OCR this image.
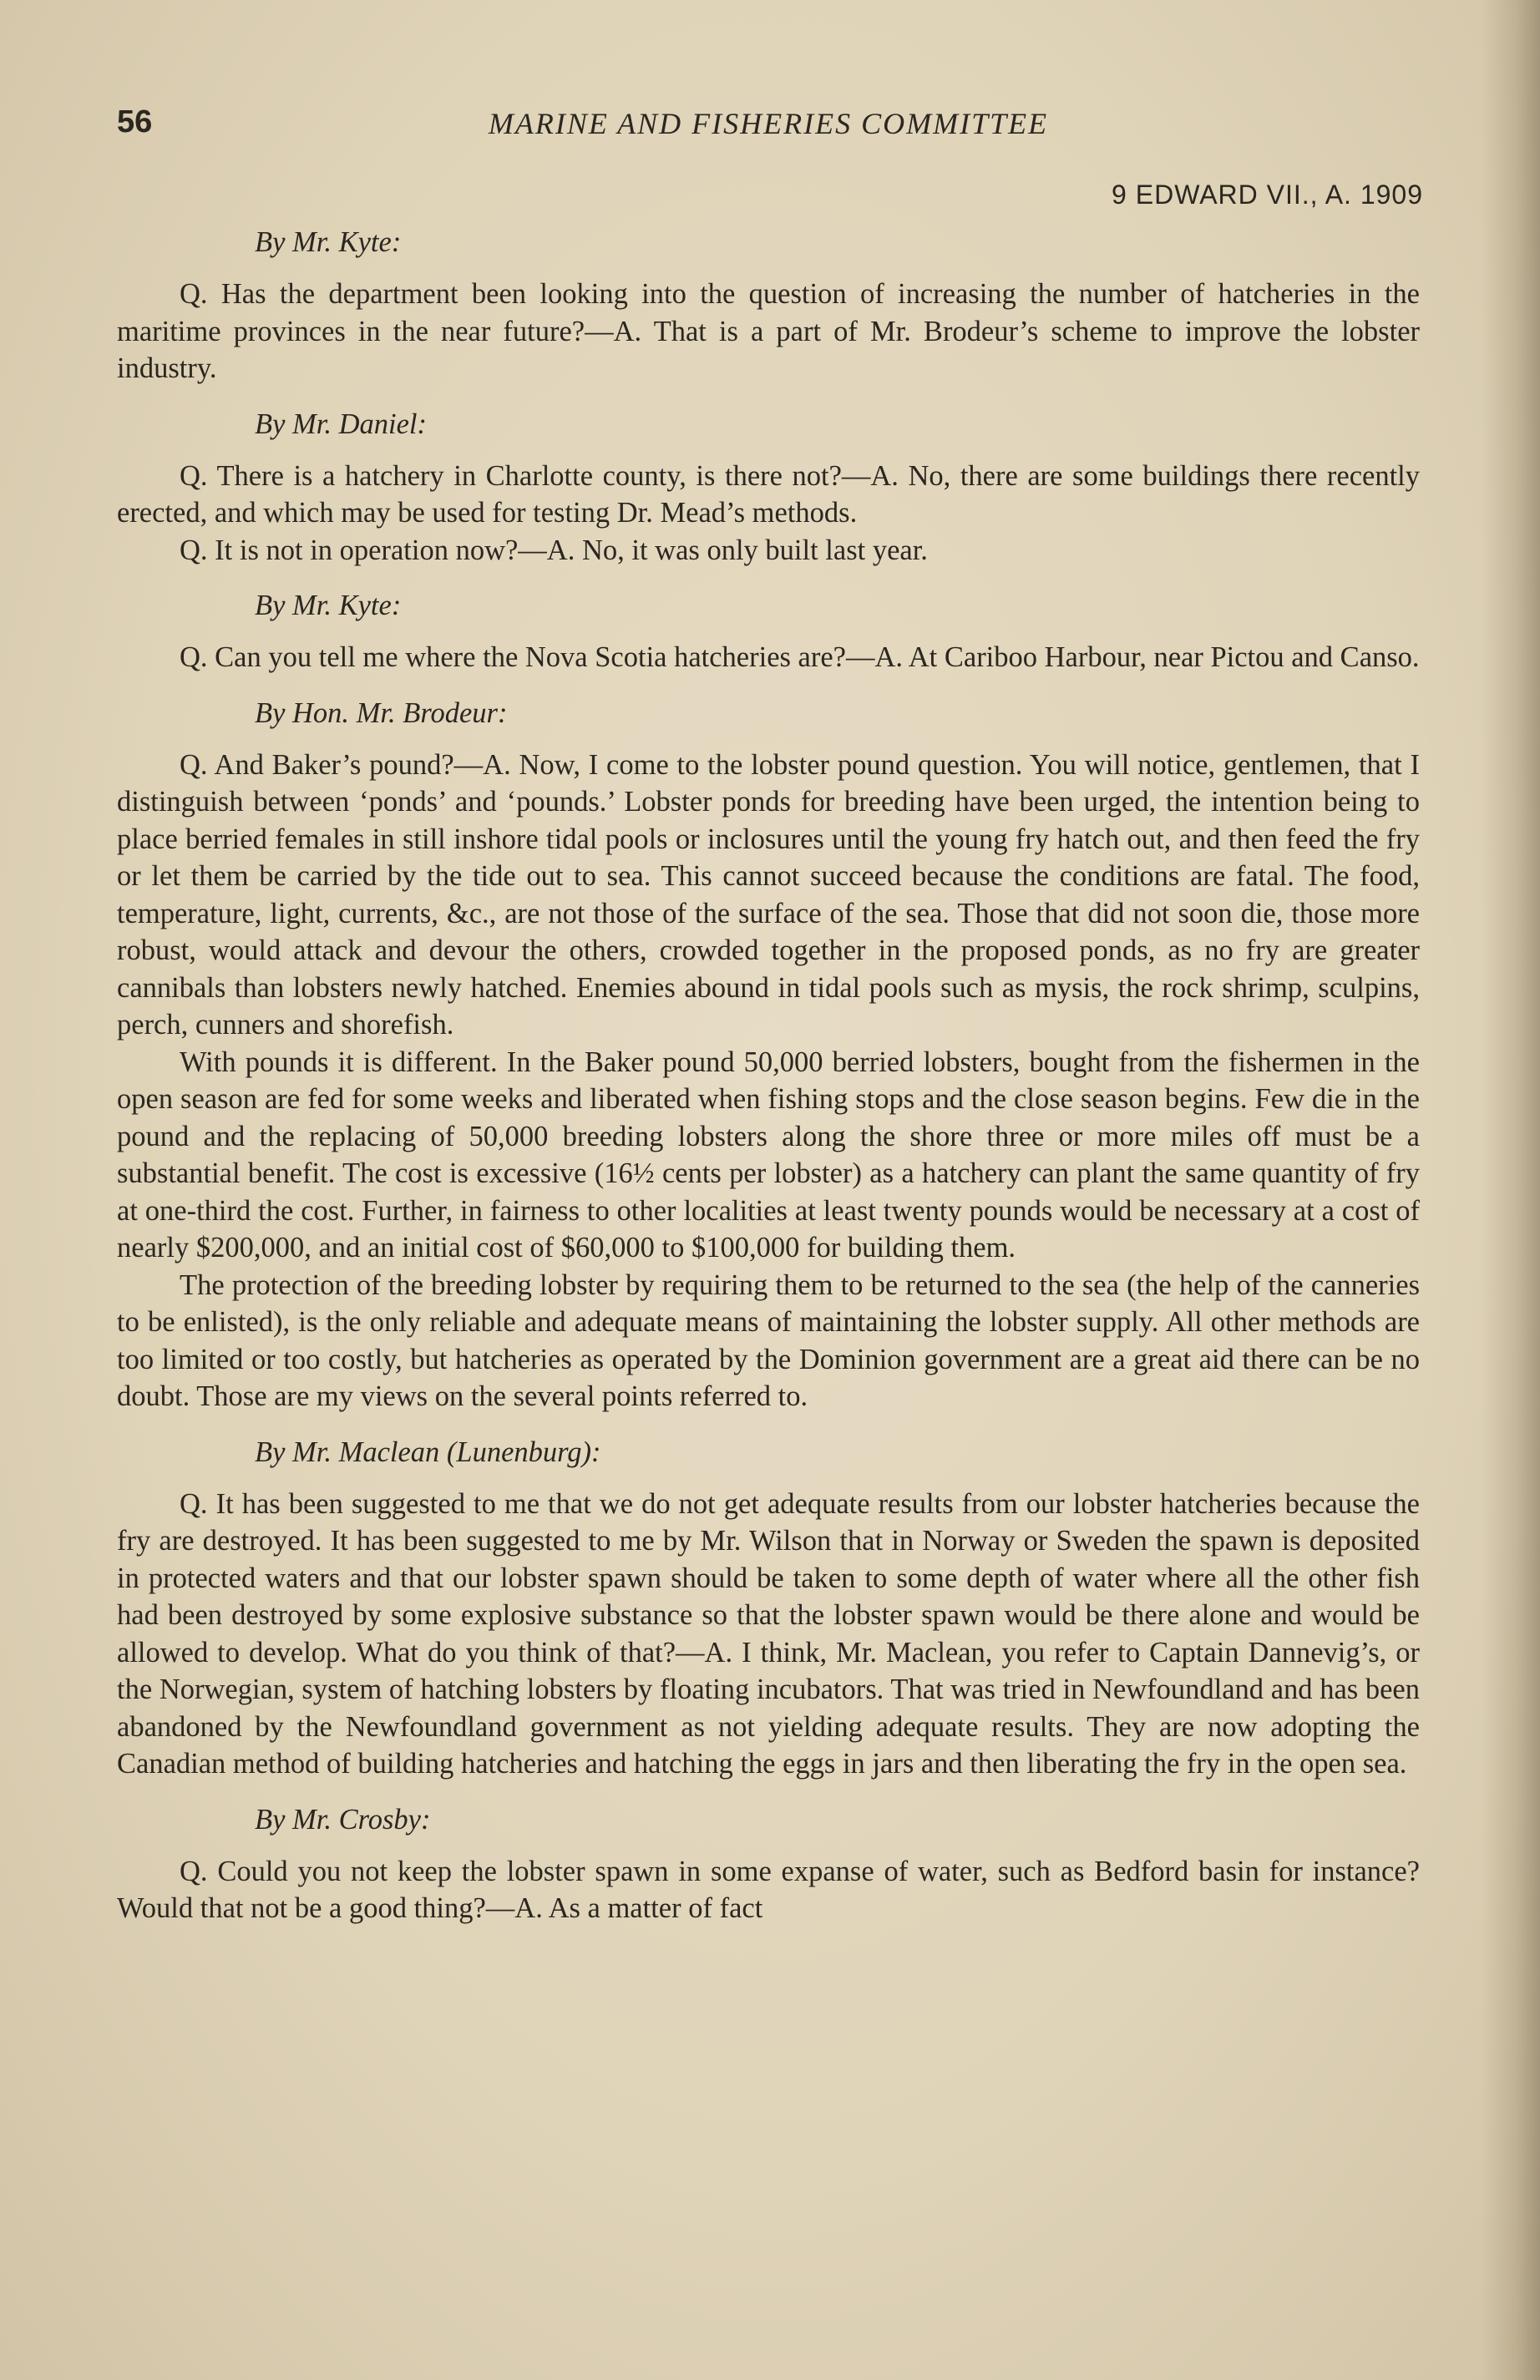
56	MARINE AND FISHERIES COMMITTEE
9 EDWARD VII., A. 1909
By Mr. Kyte:

Q. Has the department been looking into the question of increasing the number of hatcheries in the maritime provinces in the near future?—A. That is a part of Mr. Brodeur’s scheme to improve the lobster industry.

By Mr. Daniel:

Q. There is a hatchery in Charlotte county, is there not?—A. No, there are some buildings there recently erected, and which may be used for testing Dr. Mead’s methods.

Q. It is not in operation now?—A. No, it was only built last year.

By Mr. Kyte:

Q. Can you tell me where the Nova Scotia hatcheries are?—A. At Cariboo Harbour, near Pictou and Canso.

By Hon. Mr. Brodeur:

Q. And Baker’s pound?—A. Now, I come to the lobster pound question. You will notice, gentlemen, that I distinguish between ‘ponds’ and ‘pounds.’ Lobster ponds for breeding have been urged, the intention being to place berried females in still inshore tidal pools or inclosures until the young fry hatch out, and then feed the fry or let them be carried by the tide out to sea. This cannot succeed because the conditions are fatal. The food, temperature, light, currents, &c., are not those of the surface of the sea. Those that did not soon die, those more robust, would attack and devour the others, crowded together in the proposed ponds, as no fry are greater cannibals than lobsters newly hatched. Enemies abound in tidal pools such as mysis, the rock shrimp, sculpins, perch, cunners and shorefish.

With pounds it is different. In the Baker pound 50,000 berried lobsters, bought from the fishermen in the open season are fed for some weeks and liberated when fishing stops and the close season begins. Few die in the pound and the replacing of 50,000 breeding lobsters along the shore three or more miles off must be a substantial benefit. The cost is excessive (16½ cents per lobster) as a hatchery can plant the same quantity of fry at one-third the cost. Further, in fairness to other localities at least twenty pounds would be necessary at a cost of nearly $200,000, and an initial cost of $60,000 to $100,000 for building them.

The protection of the breeding lobster by requiring them to be returned to the sea (the help of the canneries to be enlisted), is the only reliable and adequate means of maintaining the lobster supply. All other methods are too limited or too costly, but hatcheries as operated by the Dominion government are a great aid there can be no doubt. Those are my views on the several points referred to.

By Mr. Maclean (Lunenburg):

Q. It has been suggested to me that we do not get adequate results from our lobster hatcheries because the fry are destroyed. It has been suggested to me by Mr. Wilson that in Norway or Sweden the spawn is deposited in protected waters and that our lobster spawn should be taken to some depth of water where all the other fish had been destroyed by some explosive substance so that the lobster spawn would be there alone and would be allowed to develop. What do you think of that?—A. I think, Mr. Maclean, you refer to Captain Dannevig’s, or the Norwegian, system of hatching lobsters by floating incubators. That was tried in Newfoundland and has been abandoned by the Newfoundland government as not yielding adequate results. They are now adopting the Canadian method of building hatcheries and hatching the eggs in jars and then liberating the fry in the open sea.

By Mr. Crosby:

Q. Could you not keep the lobster spawn in some expanse of water, such as Bedford basin for instance? Would that not be a good thing?—A. As a matter of fact
